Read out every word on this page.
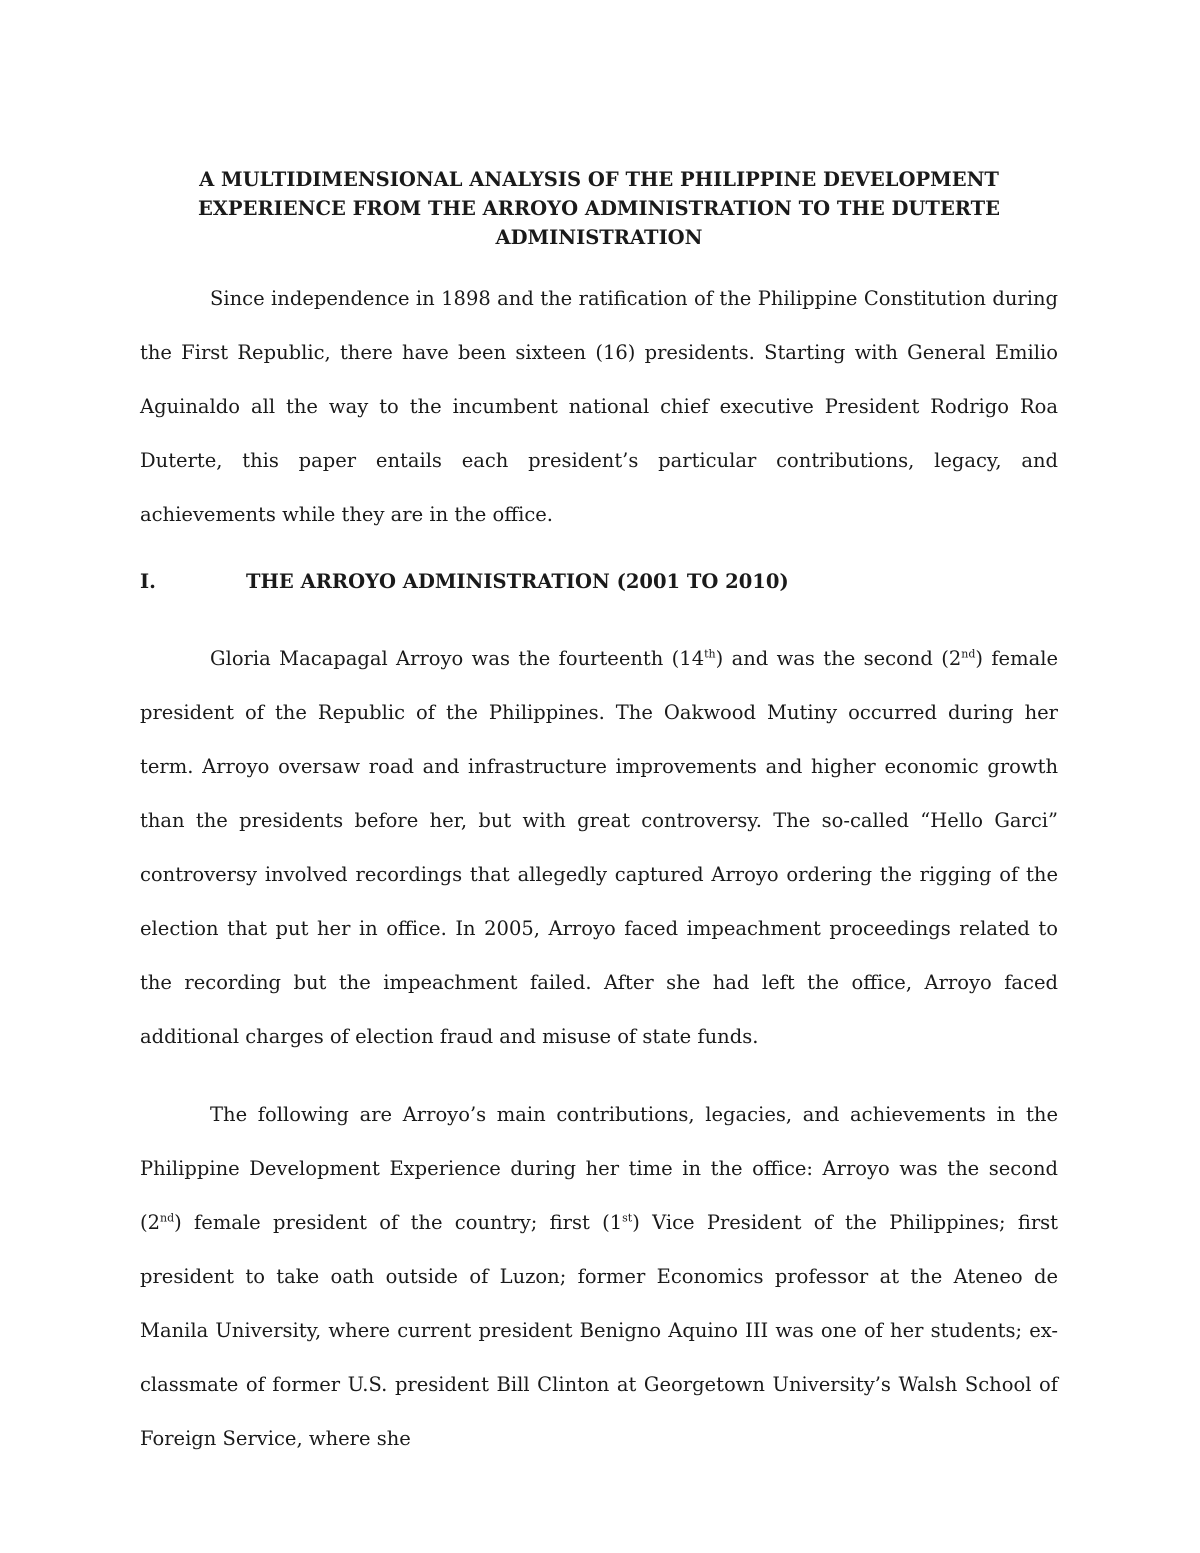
A MULTIDIMENSIONAL ANALYSIS OF THE PHILIPPINE DEVELOPMENT
EXPERIENCE FROM THE ARROYO ADMINISTRATION TO THE DUTERTE
ADMINISTRATION

Since independence in 1898 and the ratification of the Philippine Constitution during the First Republic, there have been sixteen (16) presidents. Starting with General Emilio Aguinaldo all the way to the incumbent national chief executive President Rodrigo Roa Duterte, this paper entails each president’s particular contributions, legacy, and achievements while they are in the office.

I.	THE ARROYO ADMINISTRATION (2001 TO 2010)

Gloria Macapagal Arroyo was the fourteenth (14th) and was the second (2nd) female president of the Republic of the Philippines. The Oakwood Mutiny occurred during her term. Arroyo oversaw road and infrastructure improvements and higher economic growth than the presidents before her, but with great controversy. The so-called “Hello Garci” controversy involved recordings that allegedly captured Arroyo ordering the rigging of the election that put her in office. In 2005, Arroyo faced impeachment proceedings related to the recording but the impeachment failed. After she had left the office, Arroyo faced additional charges of election fraud and misuse of state funds.

The following are Arroyo’s main contributions, legacies, and achievements in the Philippine Development Experience during her time in the office: Arroyo was the second (2nd) female president of the country; first (1st) Vice President of the Philippines; first president to take oath outside of Luzon; former Economics professor at the Ateneo de Manila University, where current president Benigno Aquino III was one of her students; ex-classmate of former U.S. president Bill Clinton at Georgetown University’s Walsh School of Foreign Service, where she
